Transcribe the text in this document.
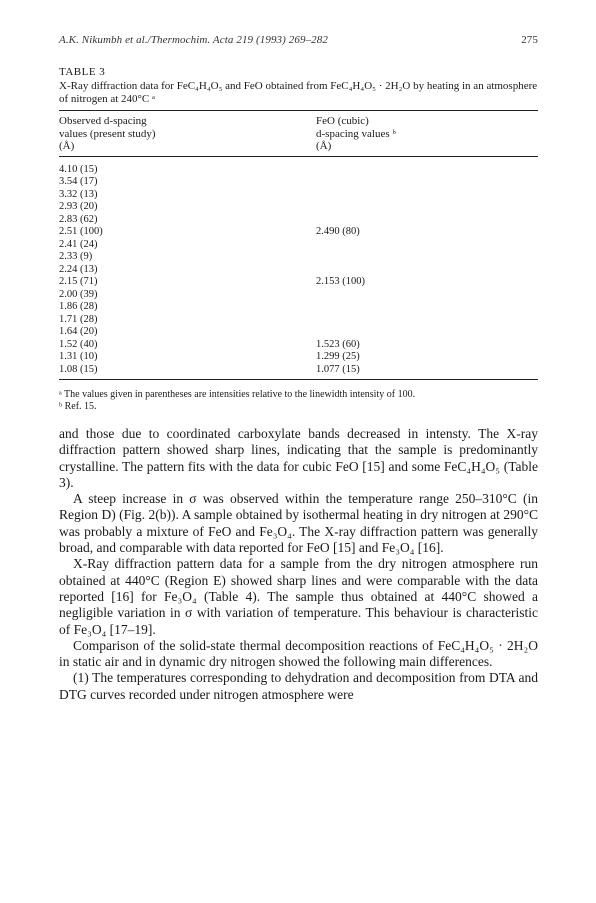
A.K. Nikumbh et al./Thermochim. Acta 219 (1993) 269–282	275
TABLE 3
X-Ray diffraction data for FeC₄H₄O₅ and FeO obtained from FeC₄H₄O₅ · 2H₂O by heating in an atmosphere of nitrogen at 240°C ᵃ
Observed d-spacing
values (present study)
(Å)
FeO (cubic)
d-spacing values ᵇ
(Å)
4.10 (15)
3.54 (17)
3.32 (13)
2.93 (20)
2.83 (62)
2.51 (100)	2.490 (80)
2.41 (24)
2.33 (9)
2.24 (13)
2.15 (71)	2.153 (100)
2.00 (39)
1.86 (28)
1.71 (28)
1.64 (20)
1.52 (40)	1.523 (60)
1.31 (10)	1.299 (25)
1.08 (15)	1.077 (15)
ᵃ The values given in parentheses are intensities relative to the linewidth intensity of 100.
ᵇ Ref. 15.

and those due to coordinated carboxylate bands decreased in intensty. The X-ray diffraction pattern showed sharp lines, indicating that the sample is predominantly crystalline. The pattern fits with the data for cubic FeO [15] and some FeC₄H₄O₅ (Table 3).

A steep increase in σ was observed within the temperature range 250–310°C (in Region D) (Fig. 2(b)). A sample obtained by isothermal heating in dry nitrogen at 290°C was probably a mixture of FeO and Fe₃O₄. The X-ray diffraction pattern was generally broad, and comparable with data reported for FeO [15] and Fe₃O₄ [16].

X-Ray diffraction pattern data for a sample from the dry nitrogen atmosphere run obtained at 440°C (Region E) showed sharp lines and were comparable with the data reported [16] for Fe₃O₄ (Table 4). The sample thus obtained at 440°C showed a negligible variation in σ with variation of temperature. This behaviour is characteristic of Fe₃O₄ [17–19].

Comparison of the solid-state thermal decomposition reactions of FeC₄H₄O₅ · 2H₂O in static air and in dynamic dry nitrogen showed the following main differences.

(1) The temperatures corresponding to dehydration and decomposition from DTA and DTG curves recorded under nitrogen atmosphere were
